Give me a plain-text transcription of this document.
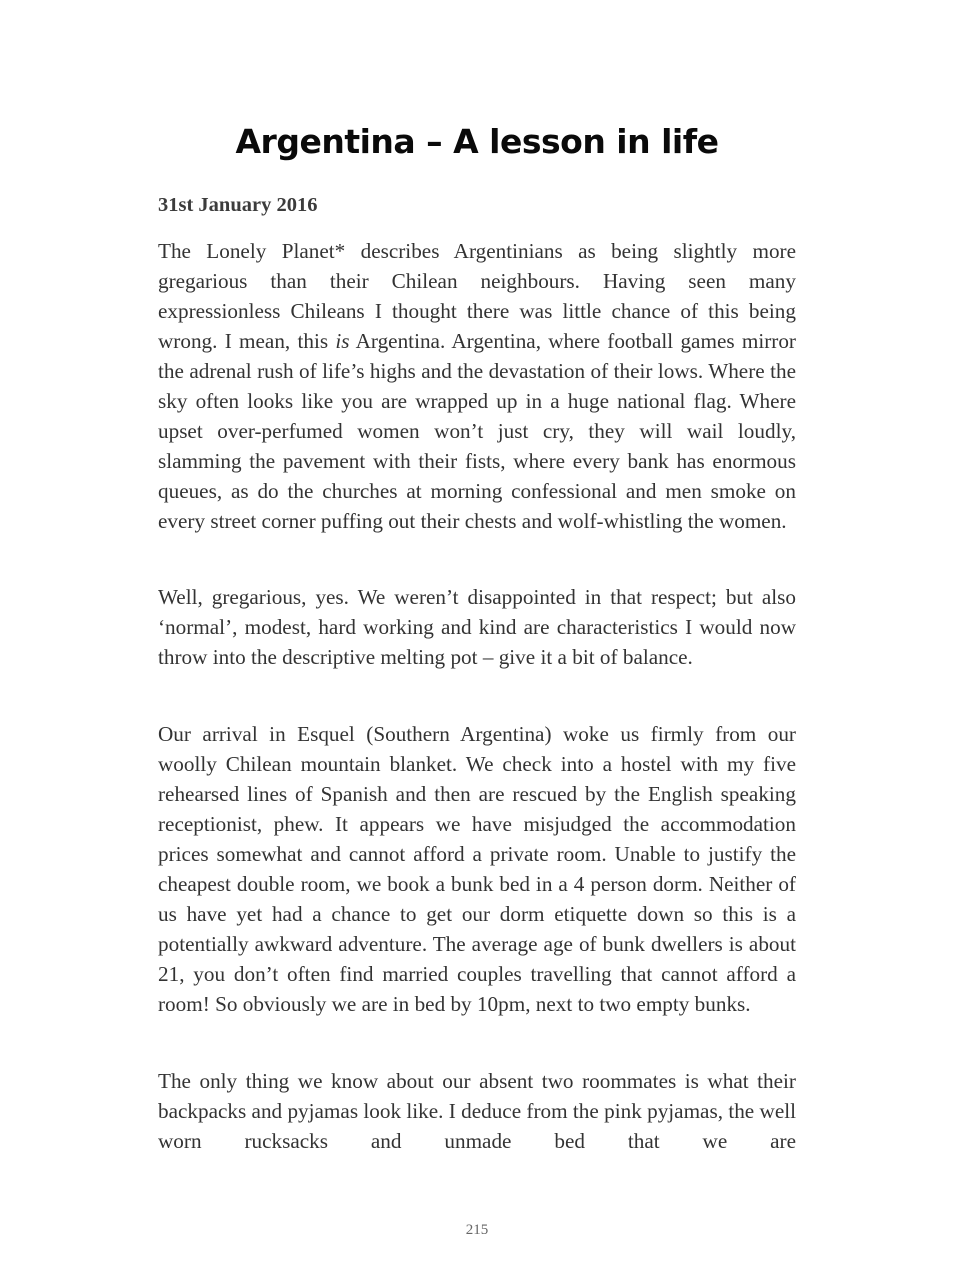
Argentina – A lesson in life

31st January 2016

The Lonely Planet* describes Argentinians as being slightly more gregarious than their Chilean neighbours. Having seen many expressionless Chileans I thought there was little chance of this being wrong. I mean, this is Argentina. Argentina, where football games mirror the adrenal rush of life’s highs and the devastation of their lows. Where the sky often looks like you are wrapped up in a huge national flag. Where upset over-perfumed women won’t just cry, they will wail loudly, slamming the pavement with their fists, where every bank has enormous queues, as do the churches at morning confessional and men smoke on every street corner puffing out their chests and wolf-whistling the women.

Well, gregarious, yes. We weren’t disappointed in that respect; but also ‘normal’, modest, hard working and kind are characteristics I would now throw into the descriptive melting pot – give it a bit of balance.

Our arrival in Esquel (Southern Argentina) woke us firmly from our woolly Chilean mountain blanket. We check into a hostel with my five rehearsed lines of Spanish and then are rescued by the English speaking receptionist, phew. It appears we have misjudged the accommodation prices somewhat and cannot afford a private room. Unable to justify the cheapest double room, we book a bunk bed in a 4 person dorm. Neither of us have yet had a chance to get our dorm etiquette down so this is a potentially awkward adventure. The average age of bunk dwellers is about 21, you don’t often find married couples travelling that cannot afford a room! So obviously we are in bed by 10pm, next to two empty bunks.

The only thing we know about our absent two roommates is what their backpacks and pyjamas look like. I deduce from the pink pyjamas, the well worn rucksacks and unmade bed that we are

215
